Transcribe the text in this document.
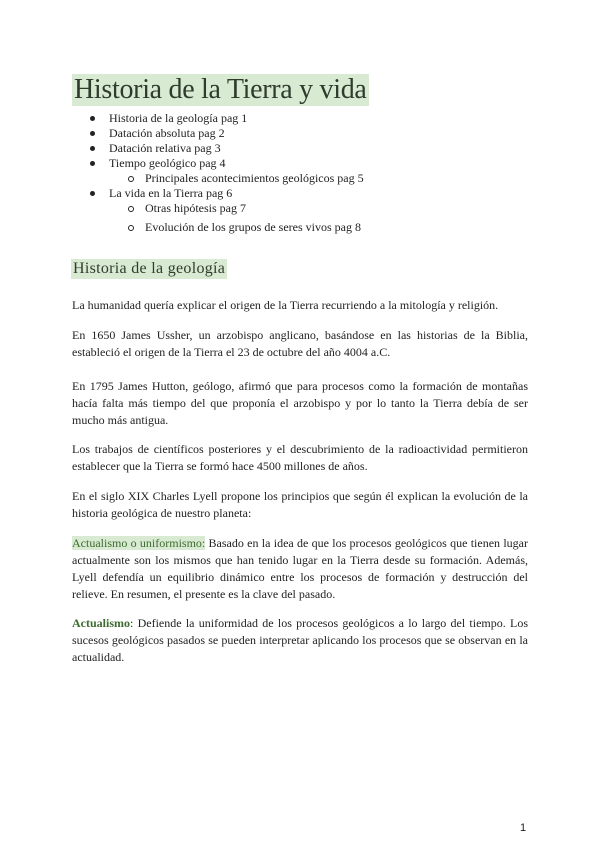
Historia de la Tierra y vida
Historia de la geología pag 1
Datación absoluta pag 2
Datación relativa pag 3
Tiempo geológico pag 4
Principales acontecimientos geológicos pag 5
La vida en la Tierra pag 6
Otras hipótesis pag 7
Evolución de los grupos de seres vivos pag 8
Historia de la geología

La humanidad quería explicar el origen de la Tierra recurriendo a la mitología y religión.

En 1650 James Ussher, un arzobispo anglicano, basándose en las historias de la Biblia, estableció el origen de la Tierra el 23 de octubre del año 4004 a.C.

En 1795 James Hutton, geólogo, afirmó que para procesos como la formación de montañas hacía falta más tiempo del que proponía el arzobispo y por lo tanto la Tierra debía de ser mucho más antigua.

Los trabajos de científicos posteriores y el descubrimiento de la radioactividad permitieron establecer que la Tierra se formó hace 4500 millones de años.

En el siglo XIX Charles Lyell propone los principios que según él explican la evolución de la historia geológica de nuestro planeta:

Actualismo o uniformismo: Basado en la idea de que los procesos geológicos que tienen lugar actualmente son los mismos que han tenido lugar en la Tierra desde su formación. Además, Lyell defendía un equilibrio dinámico entre los procesos de formación y destrucción del relieve. En resumen, el presente es la clave del pasado.

Actualismo: Defiende la uniformidad de los procesos geológicos a lo largo del tiempo. Los sucesos geológicos pasados se pueden interpretar aplicando los procesos que se observan en la actualidad.

1
